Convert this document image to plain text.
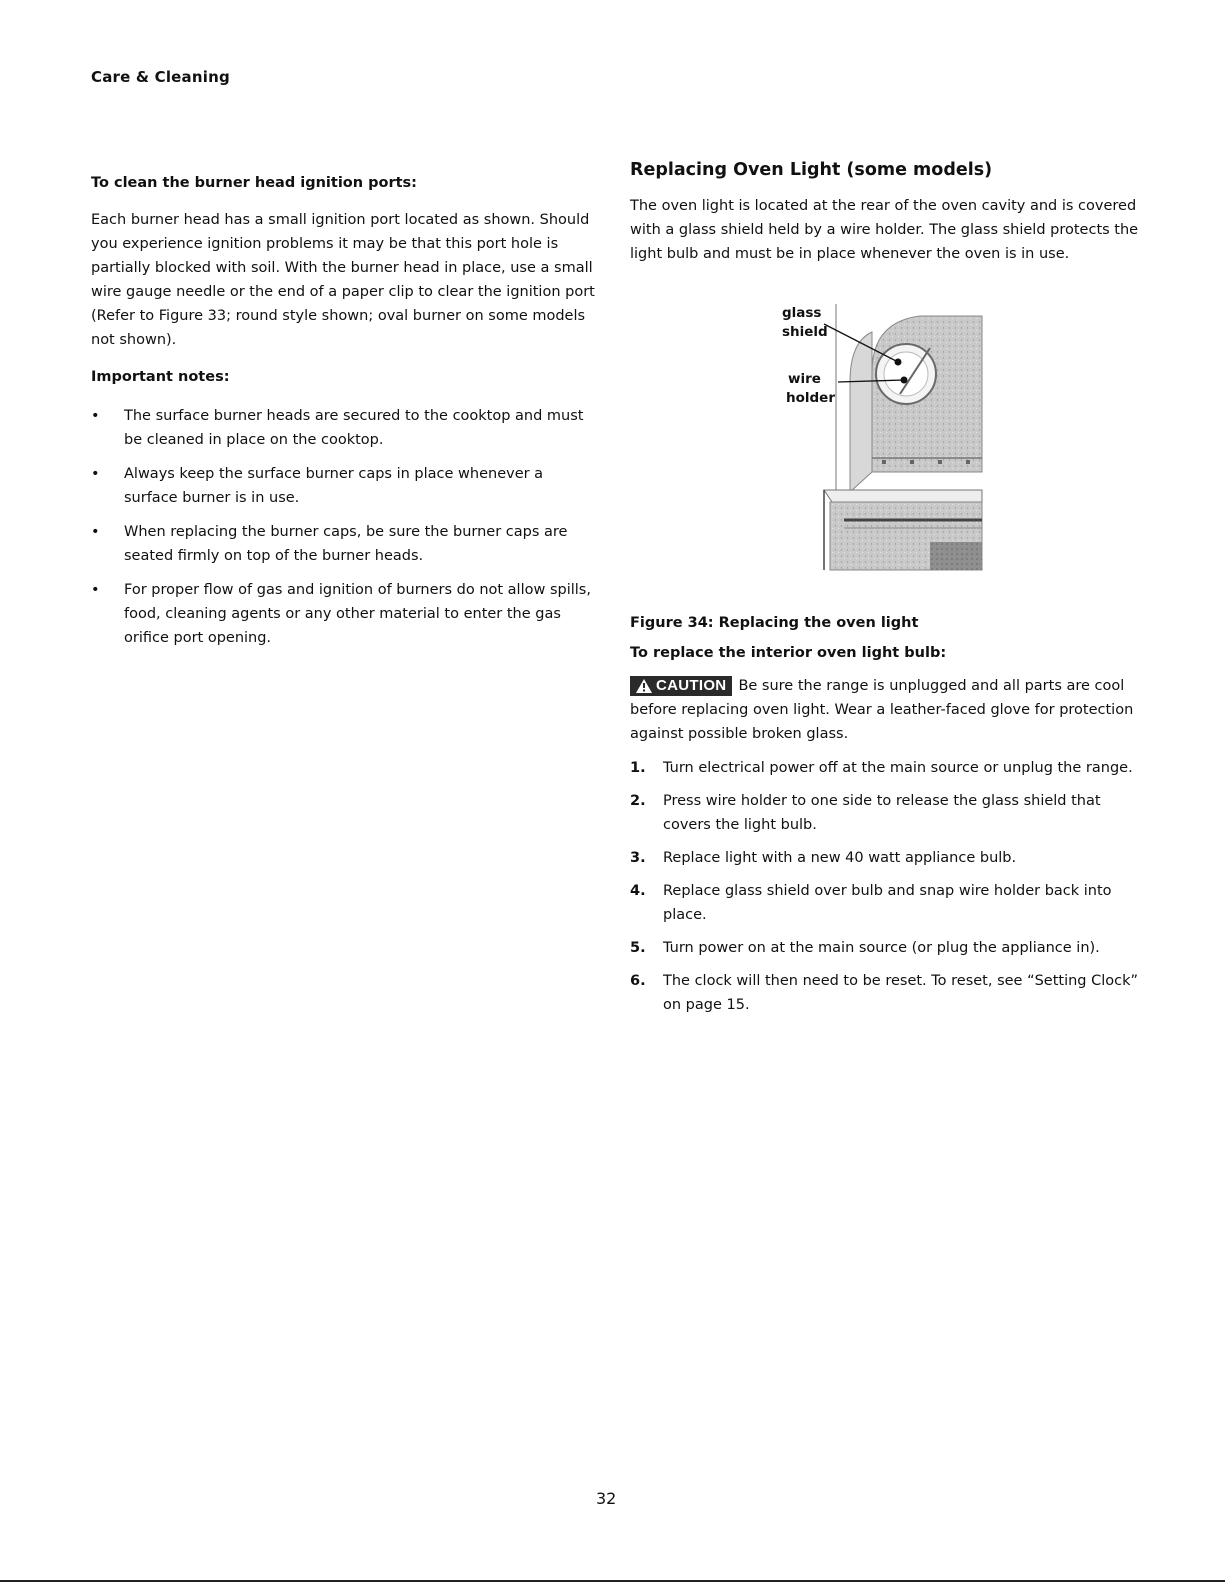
Care & Cleaning
To clean the burner head ignition ports:

Each burner head has a small ignition port located as shown. Should you experience ignition problems it may be that this port hole is partially blocked with soil. With the burner head in place, use a small wire gauge needle or the end of a paper clip to clear the ignition port (Refer to Figure 33; round style shown; oval burner on some models not shown).

Important notes:
• The surface burner heads are secured to the cooktop and must be cleaned in place on the cooktop.
• Always keep the surface burner caps in place whenever a surface burner is in use.
• When replacing the burner caps, be sure the burner caps are seated firmly on top of the burner heads.
• For proper flow of gas and ignition of burners do not allow spills, food, cleaning agents or any other material to enter the gas orifice port opening.
Replacing Oven Light (some models)

The oven light is located at the rear of the oven cavity and is covered with a glass shield held by a wire holder. The glass shield protects the light bulb and must be in place whenever the oven is in use.

glass
shield
wire
holder
Figure 34: Replacing the oven light
To replace the interior oven light bulb:

CAUTION Be sure the range is unplugged and all parts are cool before replacing oven light. Wear a leather-faced glove for protection against possible broken glass.

1. Turn electrical power off at the main source or unplug the range.
2. Press wire holder to one side to release the glass shield that covers the light bulb.
3. Replace light with a new 40 watt appliance bulb.
4. Replace glass shield over bulb and snap wire holder back into place.
5. Turn power on at the main source (or plug the appliance in).
6. The clock will then need to be reset. To reset, see “Setting Clock” on page 15.
32
